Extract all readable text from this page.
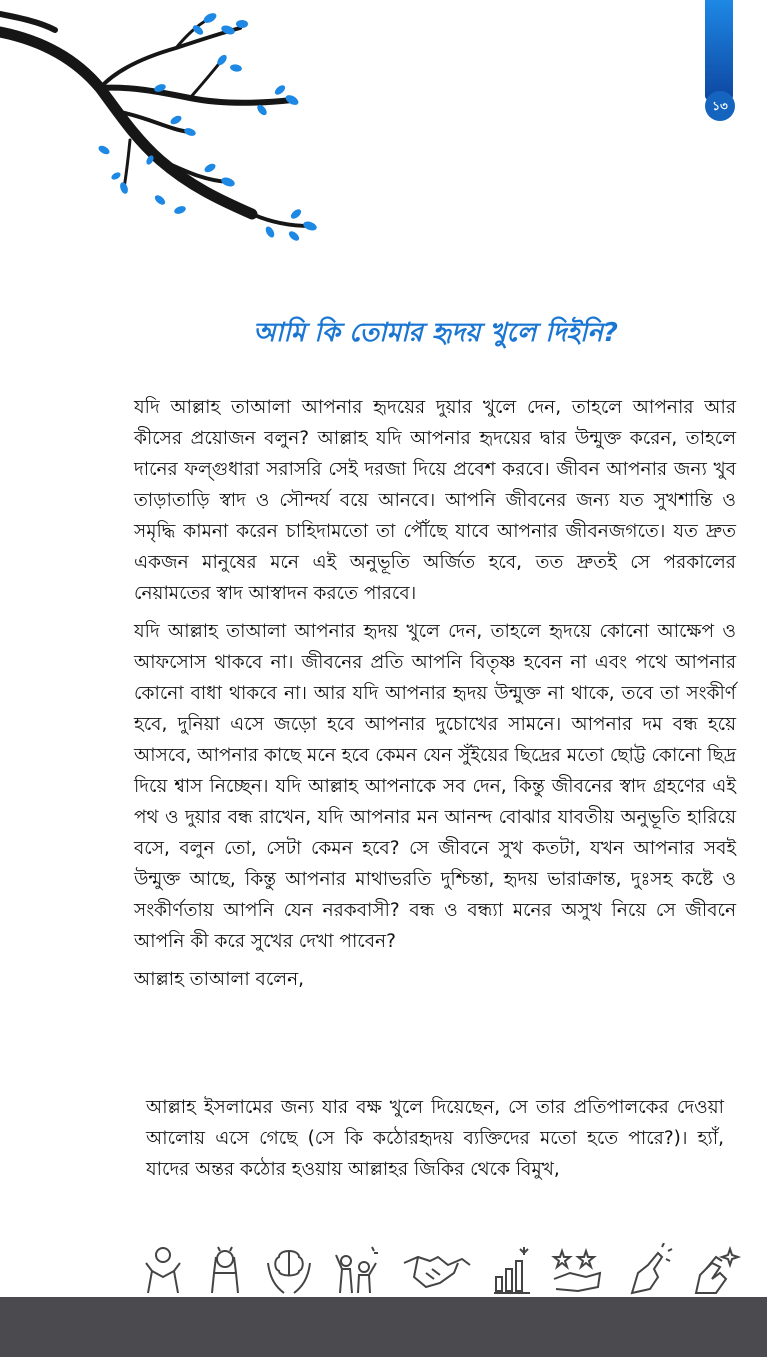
১৩
আমি কি তোমার হৃদয় খুলে দিইনি?

যদি আল্লাহ তাআলা আপনার হৃদয়ের দুয়ার খুলে দেন, তাহলে আপনার আর কীসের প্রয়োজন বলুন? আল্লাহ যদি আপনার হৃদয়ের দ্বার উন্মুক্ত করেন, তাহলে দানের ফল্গুধারা সরাসরি সেই দরজা দিয়ে প্রবেশ করবে। জীবন আপনার জন্য খুব তাড়াতাড়ি স্বাদ ও সৌন্দর্য বয়ে আনবে। আপনি জীবনের জন্য যত সুখশান্তি ও সমৃদ্ধি কামনা করেন চাহিদামতো তা পৌঁছে যাবে আপনার জীবনজগতে। যত দ্রুত একজন মানুষের মনে এই অনুভূতি অর্জিত হবে, তত দ্রুতই সে পরকালের নেয়ামতের স্বাদ আস্বাদন করতে পারবে।

যদি আল্লাহ তাআলা আপনার হৃদয় খুলে দেন, তাহলে হৃদয়ে কোনো আক্ষেপ ও আফসোস থাকবে না। জীবনের প্রতি আপনি বিতৃষ্ণ হবেন না এবং পথে আপনার কোনো বাধা থাকবে না। আর যদি আপনার হৃদয় উন্মুক্ত না থাকে, তবে তা সংকীর্ণ হবে, দুনিয়া এসে জড়ো হবে আপনার দুচোখের সামনে। আপনার দম বন্ধ হয়ে আসবে, আপনার কাছে মনে হবে কেমন যেন সুঁইয়ের ছিদ্রের মতো ছোট্ট কোনো ছিদ্র দিয়ে শ্বাস নিচ্ছেন। যদি আল্লাহ আপনাকে সব দেন, কিন্তু জীবনের স্বাদ গ্রহণের এই পথ ও দুয়ার বন্ধ রাখেন, যদি আপনার মন আনন্দ বোঝার যাবতীয় অনুভূতি হারিয়ে বসে, বলুন তো, সেটা কেমন হবে? সে জীবনে সুখ কতটা, যখন আপনার সবই উন্মুক্ত আছে, কিন্তু আপনার মাথাভরতি দুশ্চিন্তা, হৃদয় ভারাক্রান্ত, দুঃসহ কষ্টে ও সংকীর্ণতায় আপনি যেন নরকবাসী? বন্ধ ও বন্ধ্যা মনের অসুখ নিয়ে সে জীবনে আপনি কী করে সুখের দেখা পাবেন?

আল্লাহ তাআলা বলেন,

আল্লাহ ইসলামের জন্য যার বক্ষ খুলে দিয়েছেন, সে তার প্রতিপালকের দেওয়া আলোয় এসে গেছে (সে কি কঠোরহৃদয় ব্যক্তিদের মতো হতে পারে?)। হ্যাঁ, যাদের অন্তর কঠোর হওয়ায় আল্লাহর জিকির থেকে বিমুখ,
